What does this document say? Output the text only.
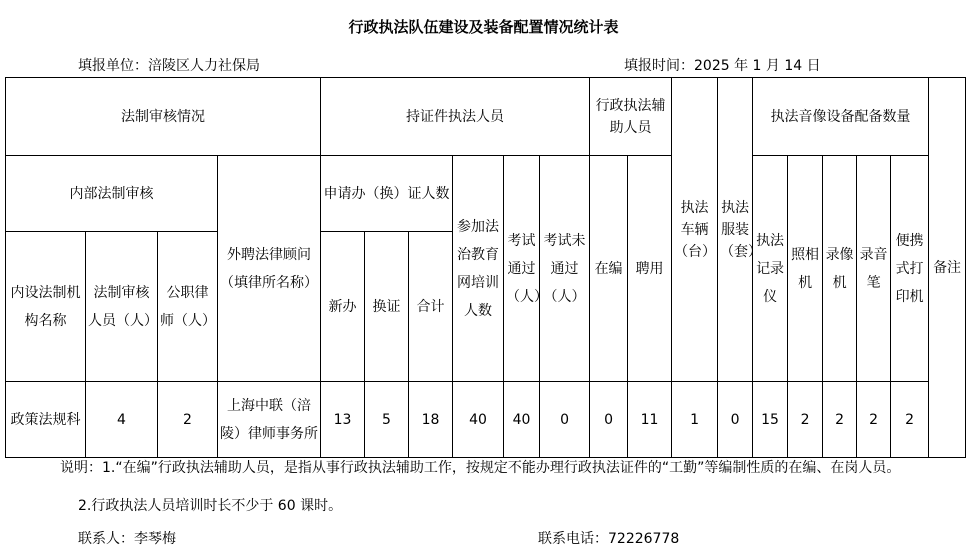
行政执法队伍建设及装备配置情况统计表
填报单位：涪陵区人力社保局	填报时间：2025 年 1 月 14 日
法制审核情况				持证件执法人员						行政执法辅助人员		执法车辆（台）	执法服装（套）	执法音像设备配备数量					备注
内部法制审核			外聘法律顾问（填律所名称）	申请办（换）证人数			参加法治教育网培训人数	考试通过（人）	考试未通过（人）	在编	聘用			执法记录仪	照相机	录像机	录音笔	便携式打印机	
内设法制机构名称	法制审核人员（人）	公职律师（人）		新办	换证	合计													
政策法规科	4	2	上海中联（涪陵）律师事务所	13	5	18	40	40	0	0	11	1	0	15	2	2	2	2	
说明：1.“在编”行政执法辅助人员，是指从事行政执法辅助工作，按规定不能办理行政执法证件的“工勤”等编制性质的在编、在岗人员。
2.行政执法人员培训时长不少于 60 课时。
联系人：李琴梅	联系电话：72226778
